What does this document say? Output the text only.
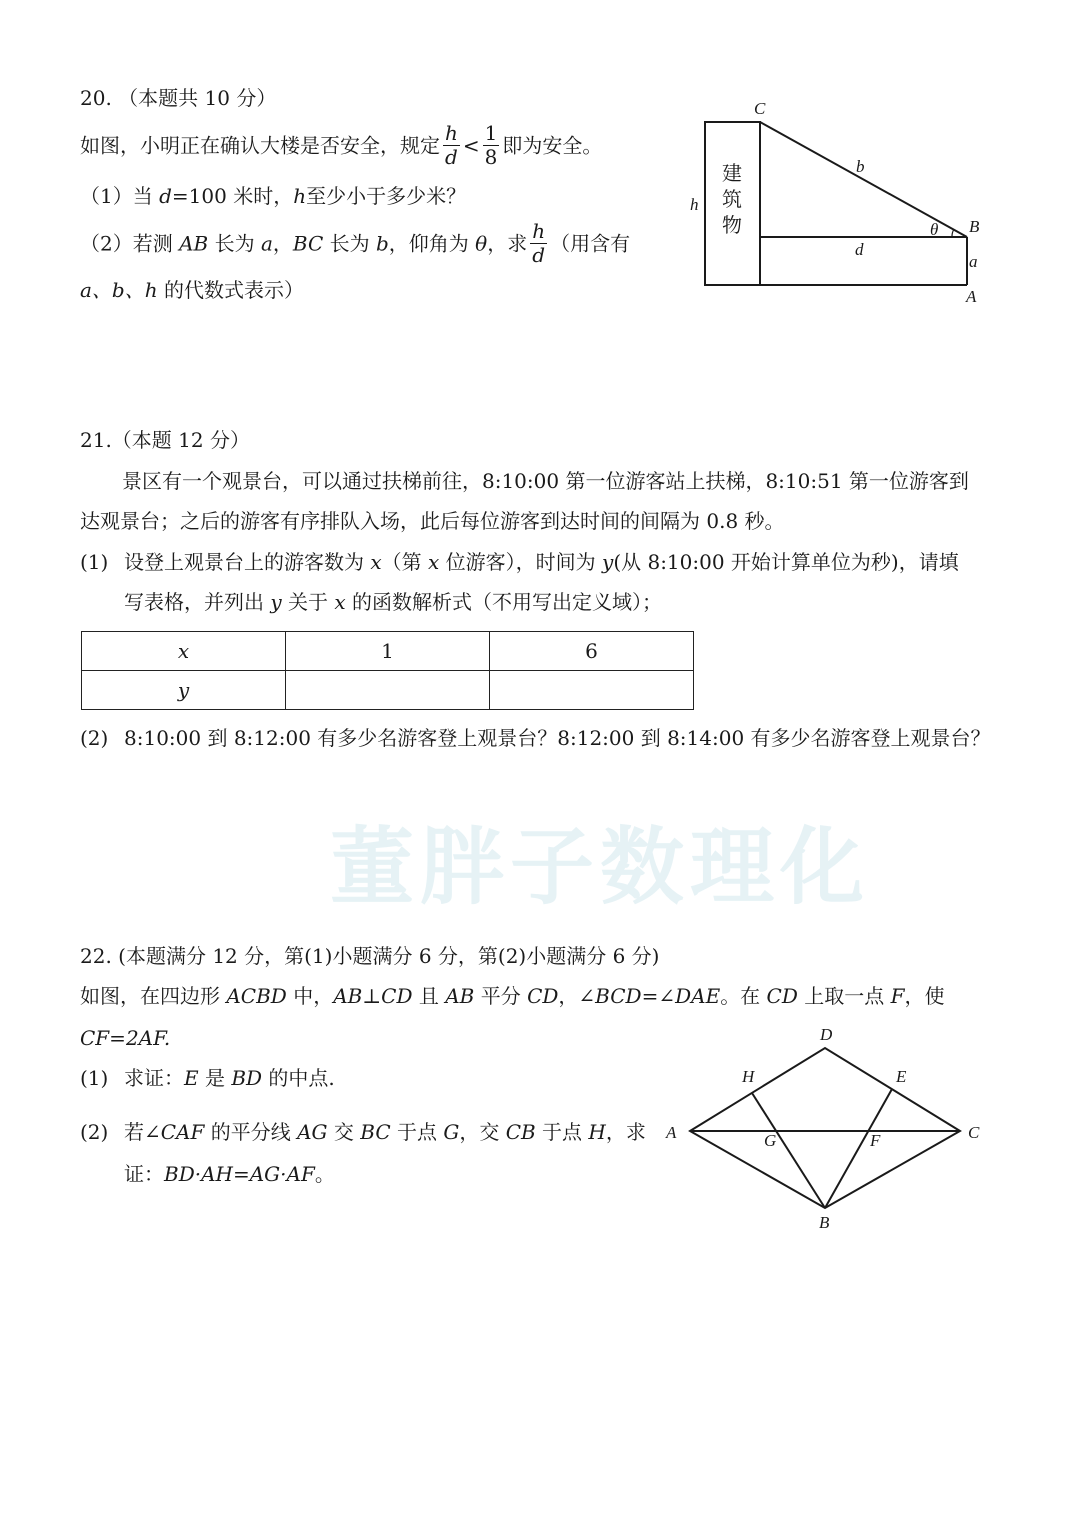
董胖子数理化
20. （本题共 10 分）
如图，小明正在确认大楼是否安全，规定 $\frac{h}{d} < \frac{1}{8}$ 即为安全。
（1）当 d=100 米时，h至少小于多少米？
（2）若测 AB 长为 a，BC 长为 b，仰角为 θ，求 $\frac{h}{d}$ （用含有
a、b、h 的代数式表示）
建
筑
物
C
b
h
d
θ B
a
A
21.（本题 12 分）
景区有一个观景台，可以通过扶梯前往，8:10:00 第一位游客站上扶梯，8:10:51 第一位游客到
达观景台；之后的游客有序排队入场，此后每位游客到达时间的间隔为 0.8 秒。
(1) 设登上观景台上的游客数为 x（第 x 位游客），时间为 y(从 8:10:00 开始计算单位为秒)，请填
写表格，并列出 y 关于 x 的函数解析式（不用写出定义域）；
x	1	6
y		
(2) 8:10:00 到 8:12:00 有多少名游客登上观景台？8:12:00 到 8:14:00 有多少名游客登上观景台？
22. (本题满分 12 分，第(1)小题满分 6 分，第(2)小题满分 6 分)
如图，在四边形 ACBD 中，AB⊥CD 且 AB 平分 CD，∠BCD=∠DAE。在 CD 上取一点 F，使
CF=2AF.
(1) 求证：E 是 BD 的中点.
(2) 若∠CAF 的平分线 AG 交 BC 于点 G，交 CB 于点 H，求
证：BD·AH=AG·AF。
D
H	E
A	C
G	F
B
